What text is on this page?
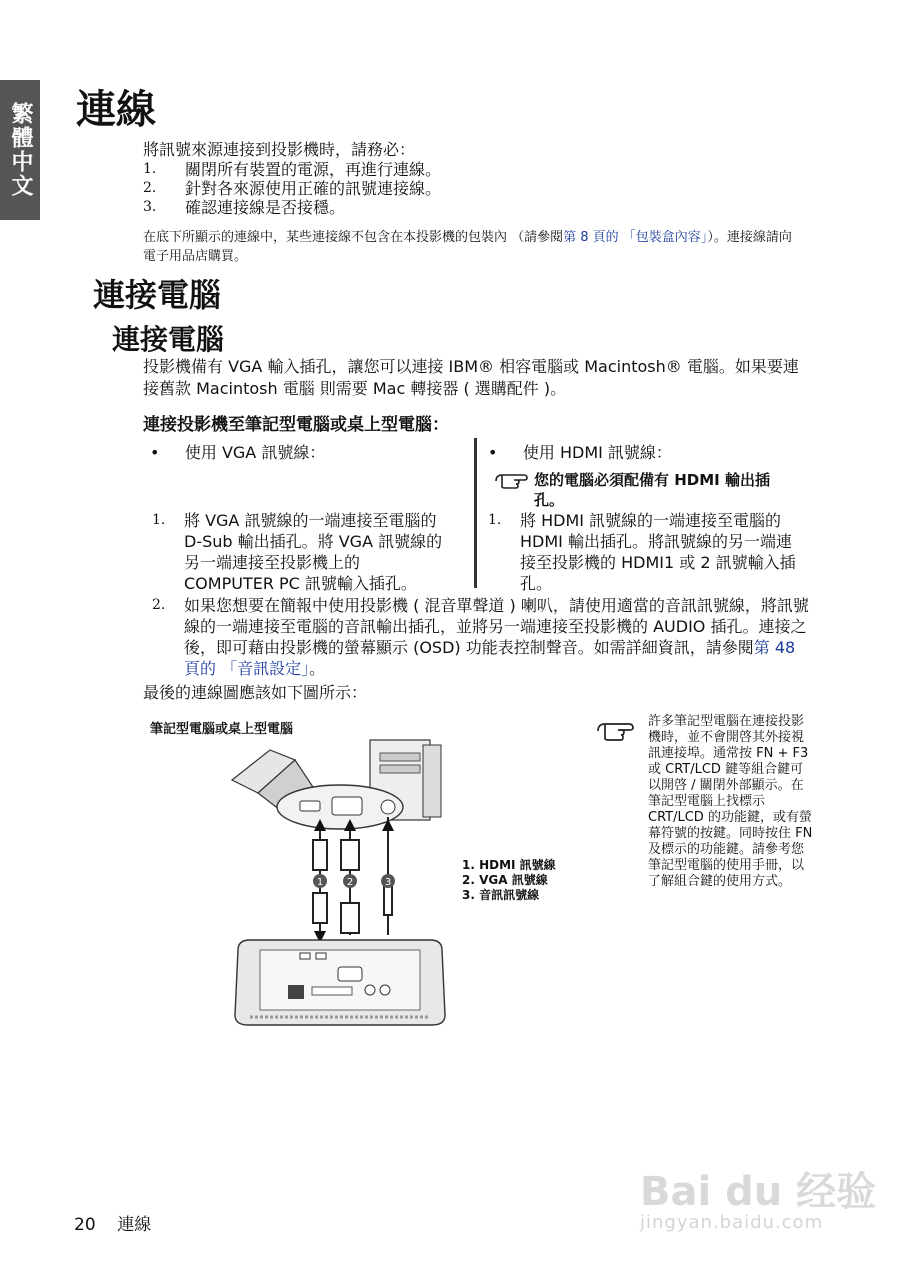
繁體中文 連線
將訊號來源連接到投影機時，請務必：
1.	關閉所有裝置的電源，再進行連線。
2.	針對各來源使用正確的訊號連接線。
3.	確認連接線是否接穩。
在底下所顯示的連線中，某些連接線不包含在本投影機的包裝內 （請參閱第 8 頁的 「包裝盒內容」）。連接線請向電子用品店購買。
連接電腦
連接電腦
投影機備有 VGA 輸入插孔，讓您可以連接 IBM® 相容電腦或 Macintosh® 電腦。如果要連接舊款 Macintosh 電腦 則需要 Mac 轉接器 ( 選購配件 )。
連接投影機至筆記型電腦或桌上型電腦：
•     使用 VGA 訊號線：	•     使用 HDMI 訊號線：
您的電腦必須配備有 HDMI 輸出插孔。
1.	將 VGA 訊號線的一端連接至電腦的 D-Sub 輸出插孔。將 VGA 訊號線的另一端連接至投影機上的 COMPUTER PC 訊號輸入插孔。
1.	將 HDMI 訊號線的一端連接至電腦的 HDMI 輸出插孔。將訊號線的另一端連接至投影機的 HDMI1 或 2 訊號輸入插孔。
2.	如果您想要在簡報中使用投影機 ( 混音單聲道 ) 喇叭，請使用適當的音訊訊號線，將訊號線的一端連接至電腦的音訊輸出插孔，並將另一端連接至投影機的 AUDIO 插孔。連接之後，即可藉由投影機的螢幕顯示 (OSD) 功能表控制聲音。如需詳細資訊，請參閱第 48 頁的 「音訊設定」。
最後的連線圖應該如下圖所示：
筆記型電腦或桌上型電腦
1 2	3
1. HDMI 訊號線
2. VGA 訊號線
3. 音訊訊號線
許多筆記型電腦在連接投影機時，並不會開啓其外接視訊連接埠。通常按 FN + F3 或 CRT/LCD 鍵等組合鍵可以開啓 / 關閉外部顯示。在筆記型電腦上找標示 CRT/LCD 的功能鍵，或有螢幕符號的按鍵。同時按住 FN 及標示的功能鍵。請參考您筆記型電腦的使用手冊，以了解組合鍵的使用方式。
20 連線
Bai du 经验
jingyan.baidu.com
